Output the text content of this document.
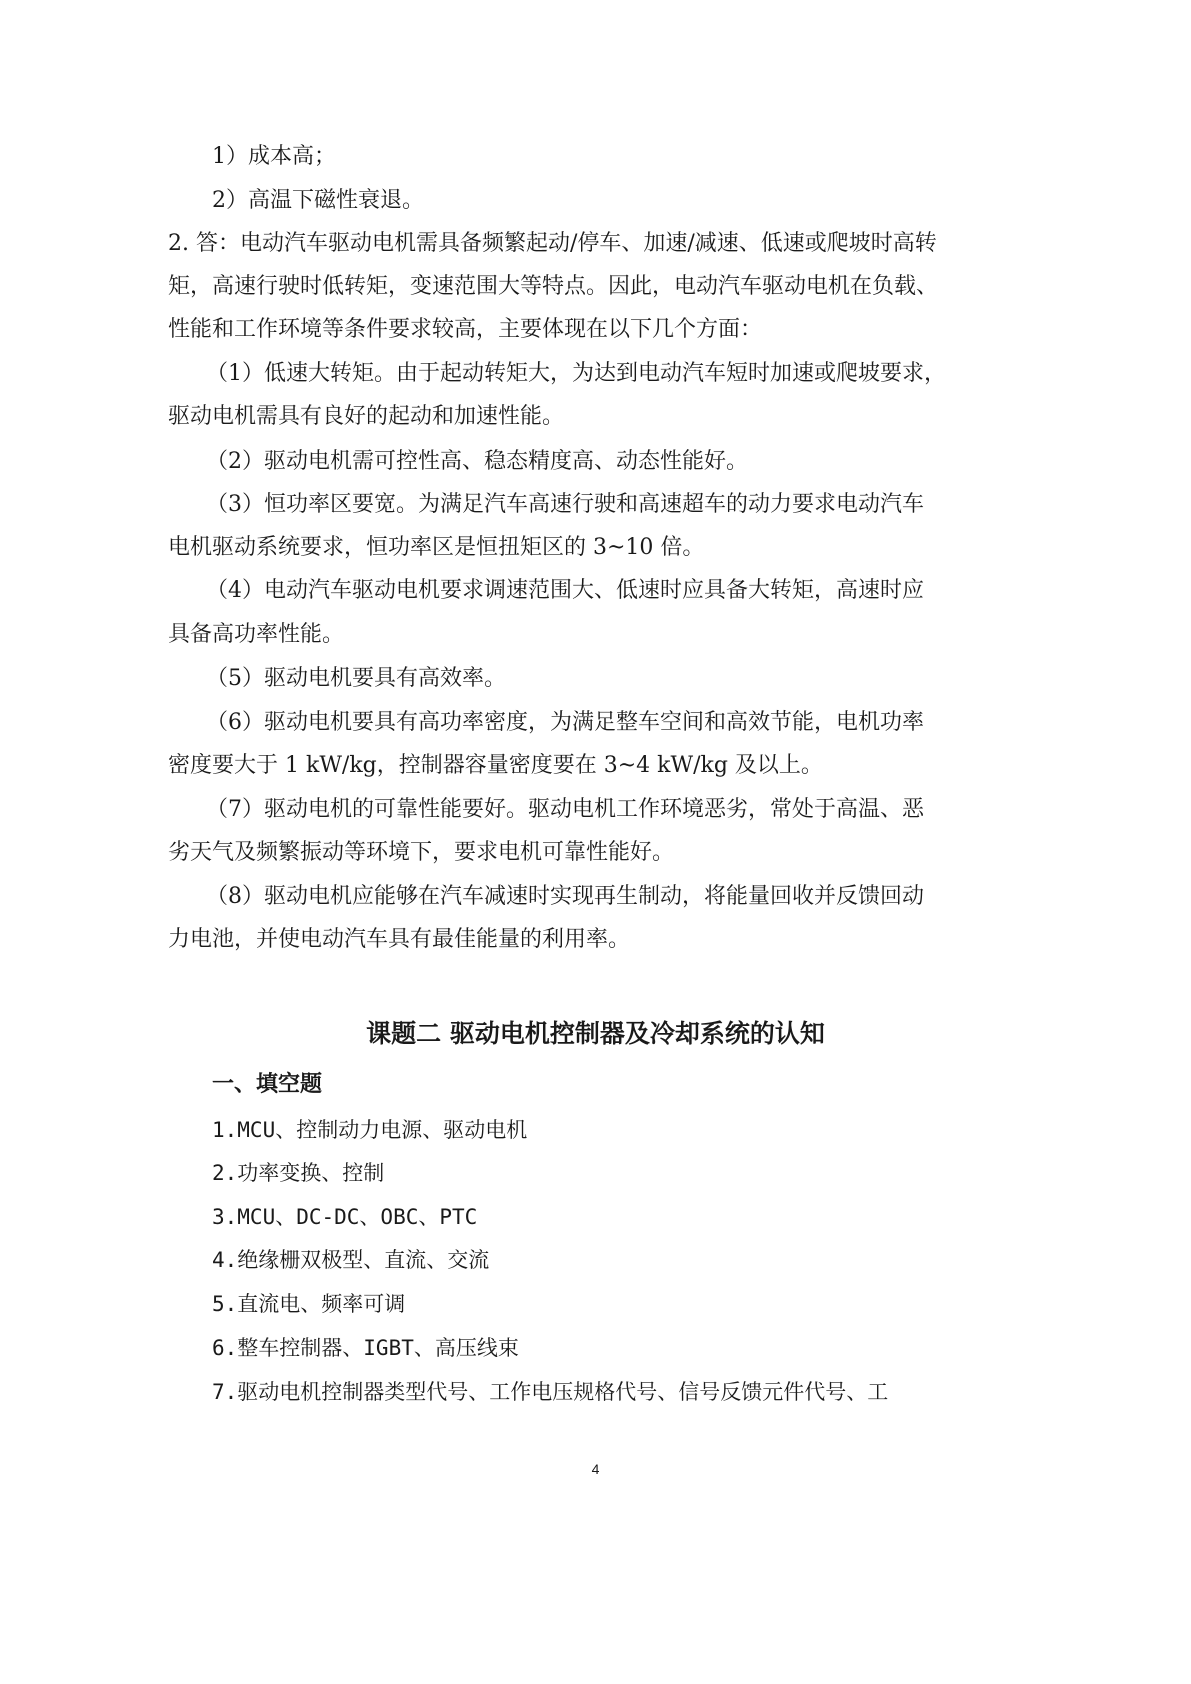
1）成本高；
2）高温下磁性衰退。
2. 答：电动汽车驱动电机需具备频繁起动/停车、加速/减速、低速或爬坡时高转
矩，高速行驶时低转矩，变速范围大等特点。因此，电动汽车驱动电机在负载、
性能和工作环境等条件要求较高，主要体现在以下几个方面：
（1）低速大转矩。由于起动转矩大，为达到电动汽车短时加速或爬坡要求，
驱动电机需具有良好的起动和加速性能。
（2）驱动电机需可控性高、稳态精度高、动态性能好。
（3）恒功率区要宽。为满足汽车高速行驶和高速超车的动力要求电动汽车
电机驱动系统要求，恒功率区是恒扭矩区的 3~10 倍。
（4）电动汽车驱动电机要求调速范围大、低速时应具备大转矩，高速时应
具备高功率性能。
（5）驱动电机要具有高效率。
（6）驱动电机要具有高功率密度，为满足整车空间和高效节能，电机功率
密度要大于 1 kW/kg，控制器容量密度要在 3~4 kW/kg 及以上。
（7）驱动电机的可靠性能要好。驱动电机工作环境恶劣，常处于高温、恶
劣天气及频繁振动等环境下，要求电机可靠性能好。
（8）驱动电机应能够在汽车减速时实现再生制动，将能量回收并反馈回动
力电池，并使电动汽车具有最佳能量的利用率。
课题二 驱动电机控制器及冷却系统的认知
一、填空题
1.MCU、控制动力电源、驱动电机
2.功率变换、控制
3.MCU、DC-DC、OBC、PTC
4.绝缘栅双极型、直流、交流
5.直流电、频率可调
6.整车控制器、IGBT、高压线束
7.驱动电机控制器类型代号、工作电压规格代号、信号反馈元件代号、工
4
